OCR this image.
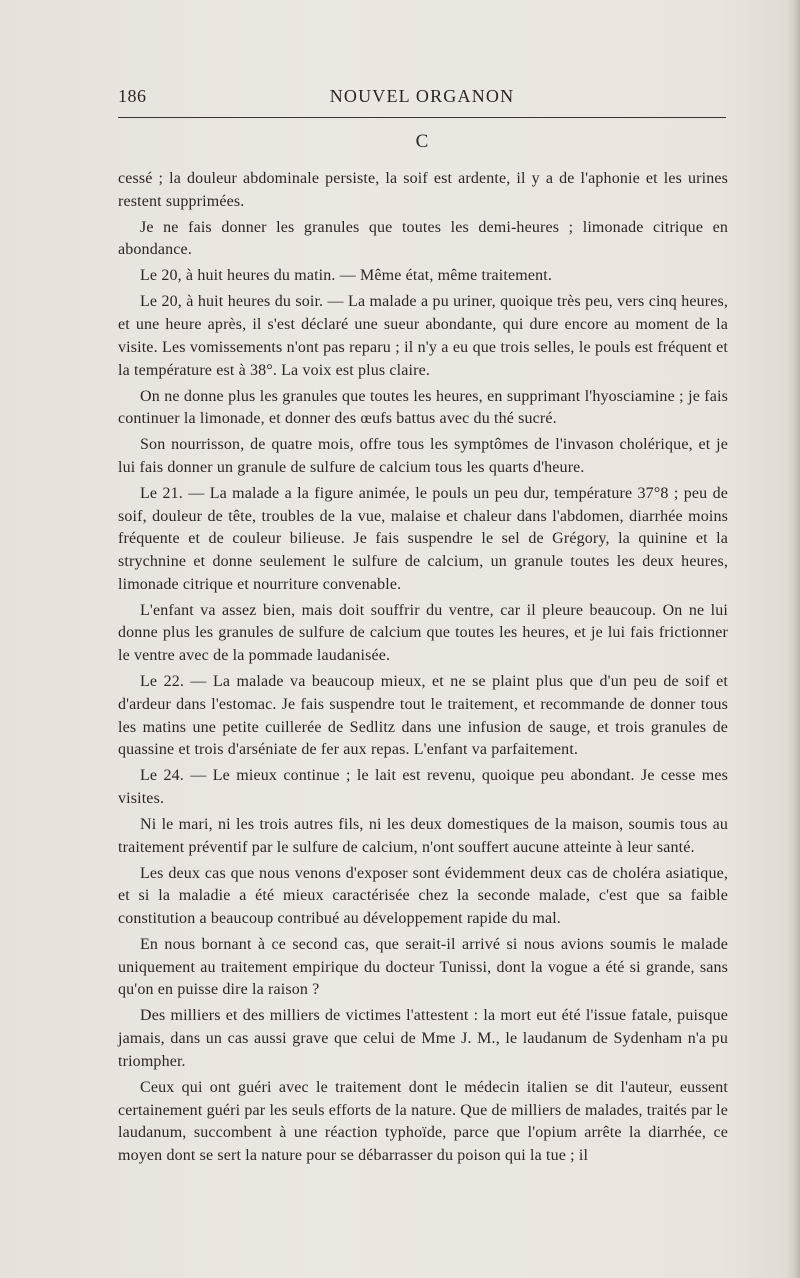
186	NOUVEL ORGANON
C

cessé ; la douleur abdominale persiste, la soif est ardente, il y a de l'aphonie et les urines restent supprimées.

Je ne fais donner les granules que toutes les demi-heures ; limonade citrique en abondance.

Le 20, à huit heures du matin. — Même état, même traitement.

Le 20, à huit heures du soir. — La malade a pu uriner, quoique très peu, vers cinq heures, et une heure après, il s'est déclaré une sueur abondante, qui dure encore au moment de la visite. Les vomissements n'ont pas reparu ; il n'y a eu que trois selles, le pouls est fréquent et la température est à 38°. La voix est plus claire.

On ne donne plus les granules que toutes les heures, en supprimant l'hyosciamine ; je fais continuer la limonade, et donner des œufs battus avec du thé sucré.

Son nourrisson, de quatre mois, offre tous les symptômes de l'invason cholérique, et je lui fais donner un granule de sulfure de calcium tous les quarts d'heure.

Le 21. — La malade a la figure animée, le pouls un peu dur, température 37°8 ; peu de soif, douleur de tête, troubles de la vue, malaise et chaleur dans l'abdomen, diarrhée moins fréquente et de couleur bilieuse. Je fais suspendre le sel de Grégory, la quinine et la strychnine et donne seulement le sulfure de calcium, un granule toutes les deux heures, limonade citrique et nourriture convenable.

L'enfant va assez bien, mais doit souffrir du ventre, car il pleure beaucoup. On ne lui donne plus les granules de sulfure de calcium que toutes les heures, et je lui fais frictionner le ventre avec de la pommade laudanisée.

Le 22. — La malade va beaucoup mieux, et ne se plaint plus que d'un peu de soif et d'ardeur dans l'estomac. Je fais suspendre tout le traitement, et recommande de donner tous les matins une petite cuillerée de Sedlitz dans une infusion de sauge, et trois granules de quassine et trois d'arséniate de fer aux repas. L'enfant va parfaitement.

Le 24. — Le mieux continue ; le lait est revenu, quoique peu abondant. Je cesse mes visites.

Ni le mari, ni les trois autres fils, ni les deux domestiques de la maison, soumis tous au traitement préventif par le sulfure de calcium, n'ont souffert aucune atteinte à leur santé.

Les deux cas que nous venons d'exposer sont évidemment deux cas de choléra asiatique, et si la maladie a été mieux caractérisée chez la seconde malade, c'est que sa faible constitution a beaucoup contribué au développement rapide du mal.

En nous bornant à ce second cas, que serait-il arrivé si nous avions soumis le malade uniquement au traitement empirique du docteur Tunissi, dont la vogue a été si grande, sans qu'on en puisse dire la raison ?

Des milliers et des milliers de victimes l'attestent : la mort eut été l'issue fatale, puisque jamais, dans un cas aussi grave que celui de Mme J. M., le laudanum de Sydenham n'a pu triompher.

Ceux qui ont guéri avec le traitement dont le médecin italien se dit l'auteur, eussent certainement guéri par les seuls efforts de la nature. Que de milliers de malades, traités par le laudanum, succombent à une réaction typhoïde, parce que l'opium arrête la diarrhée, ce moyen dont se sert la nature pour se débarrasser du poison qui la tue ; il
